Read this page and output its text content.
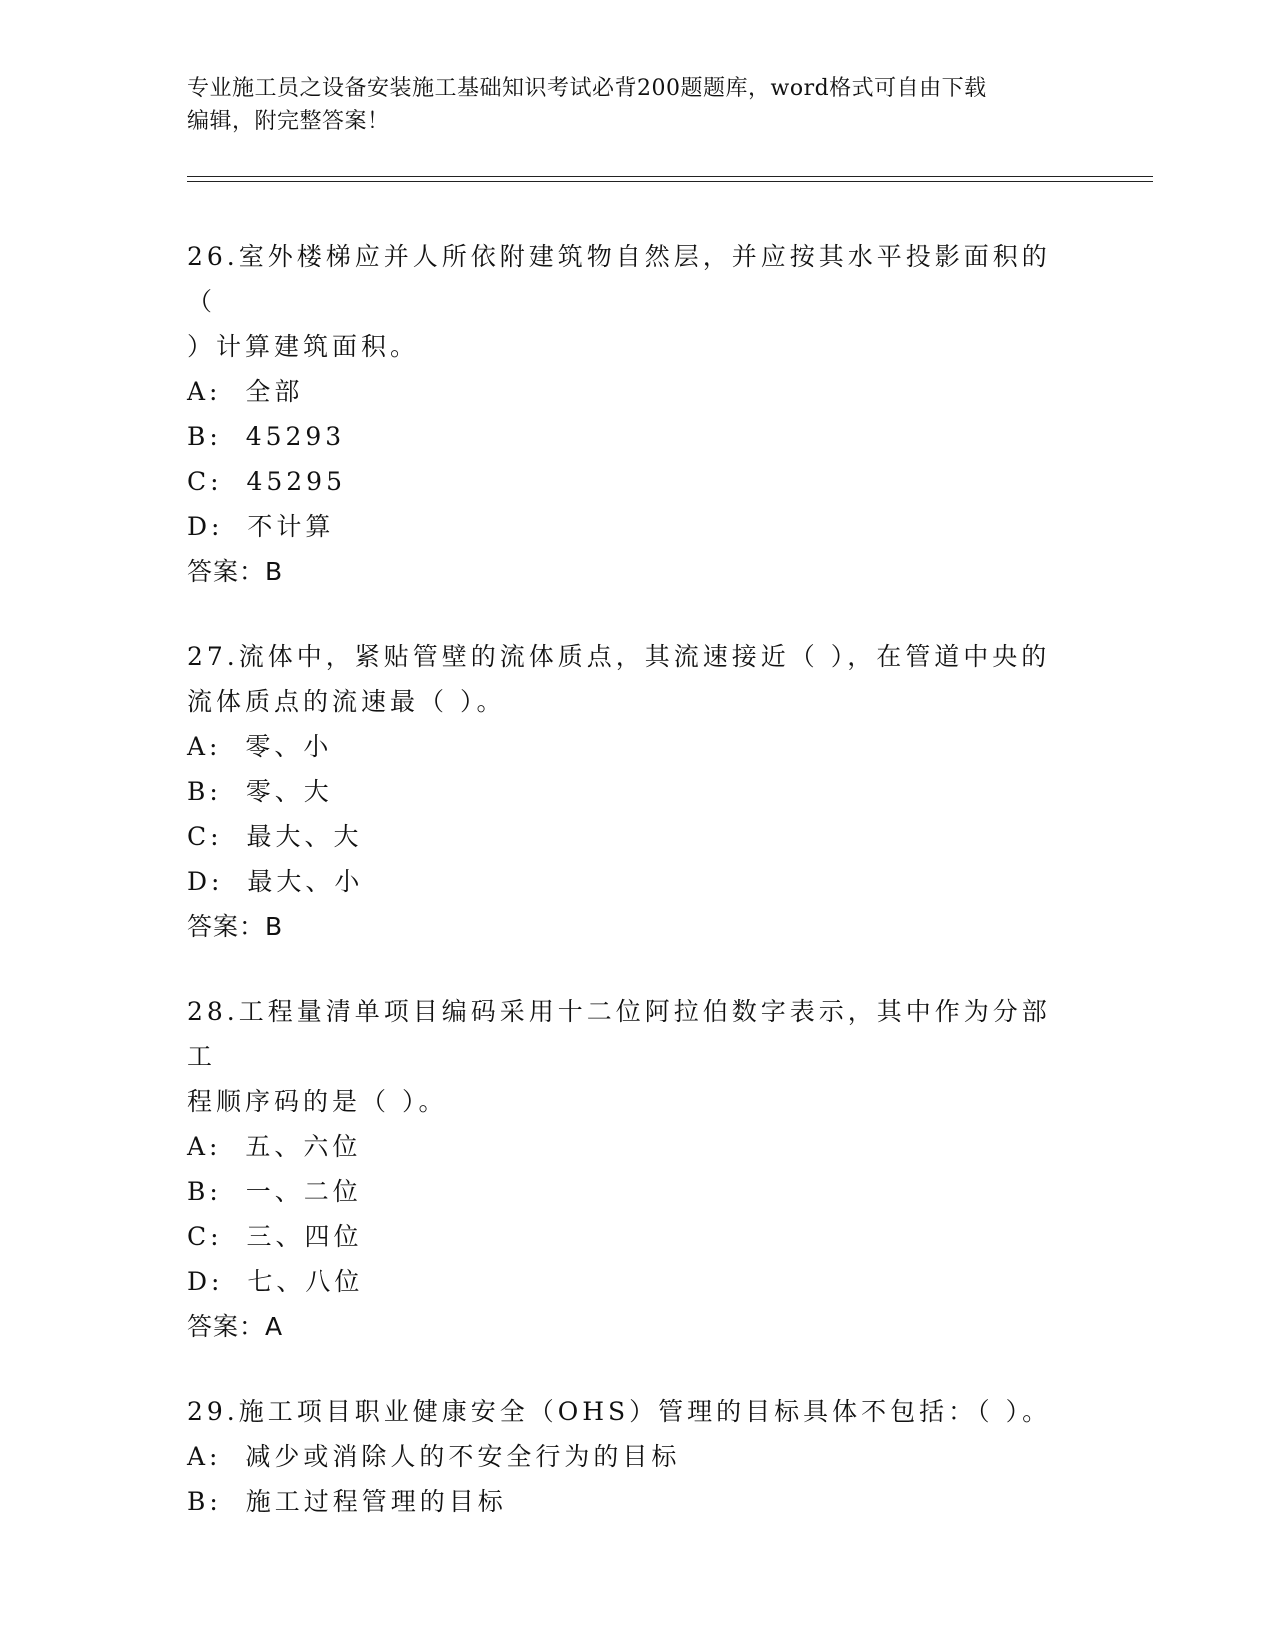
专业施工员之设备安装施工基础知识考试必背200题题库，word格式可自由下载
编辑，附完整答案！
26.室外楼梯应并人所依附建筑物自然层，并应按其水平投影面积的（
）计算建筑面积。
A:  全部
B:  45293
C:  45295
D:  不计算
答案：B
27.流体中，紧贴管壁的流体质点，其流速接近（ ），在管道中央的
流体质点的流速最（ ）。
A:  零、小
B:  零、大
C:  最大、大
D:  最大、小
答案：B
28.工程量清单项目编码采用十二位阿拉伯数字表示，其中作为分部工
程顺序码的是（ ）。
A:  五、六位
B:  一、二位
C:  三、四位
D:  七、八位
答案：A
29.施工项目职业健康安全（OHS）管理的目标具体不包括：（ ）。
A:  减少或消除人的不安全行为的目标
B:  施工过程管理的目标
